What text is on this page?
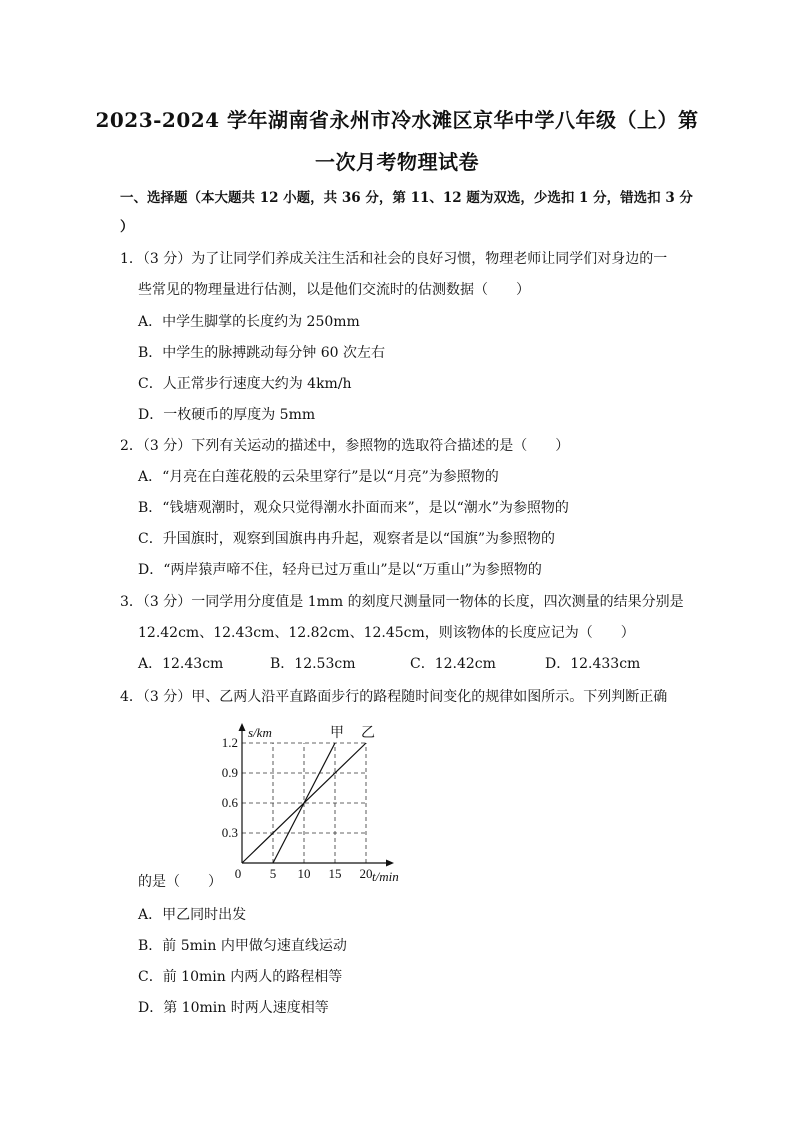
2023-2024 学年湖南省永州市冷水滩区京华中学八年级（上）第
一次月考物理试卷
一、选择题（本大题共 12 小题，共 36 分，第 11、12 题为双选，少选扣 1 分，错选扣 3 分
）
1．（3 分）为了让同学们养成关注生活和社会的良好习惯，物理老师让同学们对身边的一
些常见的物理量进行估测，以是他们交流时的估测数据（　　）
A．中学生脚掌的长度约为 250mm
B．中学生的脉搏跳动每分钟 60 次左右
C．人正常步行速度大约为 4km/h
D．一枚硬币的厚度为 5mm
2．（3 分）下列有关运动的描述中，参照物的选取符合描述的是（　　）
A．“月亮在白莲花般的云朵里穿行”是以“月亮”为参照物的
B．“钱塘观潮时，观众只觉得潮水扑面而来”，是以“潮水”为参照物的
C．升国旗时，观察到国旗冉冉升起，观察者是以“国旗”为参照物的
D．“两岸猿声啼不住，轻舟已过万重山”是以“万重山”为参照物的
3．（3 分）一同学用分度值是 1mm 的刻度尺测量同一物体的长度，四次测量的结果分别是
12.42cm、12.43cm、12.82cm、12.45cm，则该物体的长度应记为（　　）
A．12.43cm	B．12.53cm	C．12.42cm	D．12.433cm
4．（3 分）甲、乙两人沿平直路面步行的路程随时间变化的规律如图所示。下列判断正确
0 5 10 15 20
0.3
0.6
0.9
1.2
s/km
t/min
甲 乙
的是（　　）
A．甲乙同时出发
B．前 5min 内甲做匀速直线运动
C．前 10min 内两人的路程相等
D．第 10min 时两人速度相等
